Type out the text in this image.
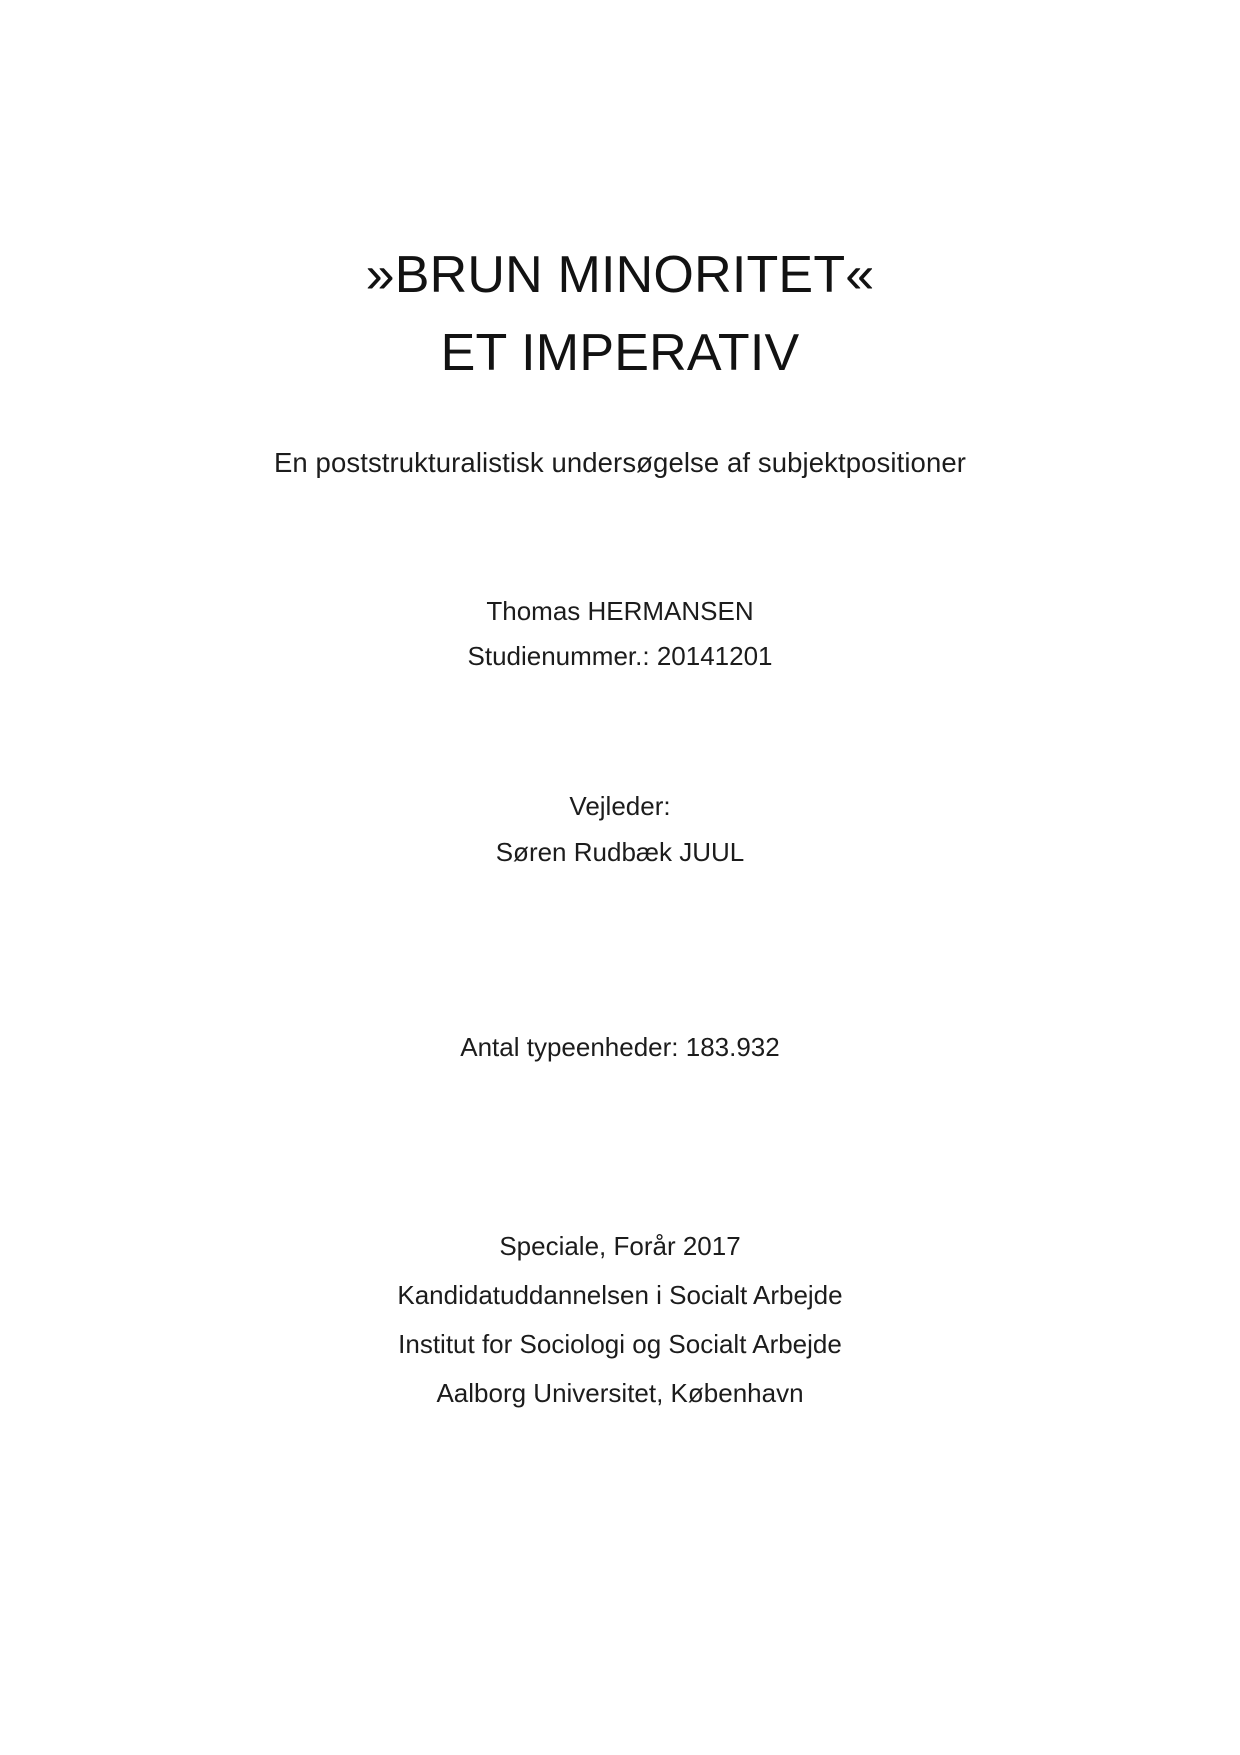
»BRUN MINORITET«
ET IMPERATIV
En poststrukturalistisk undersøgelse af subjektpositioner
Thomas HERMANSEN
Studienummer.: 20141201
Vejleder:
Søren Rudbæk JUUL
Antal typeenheder: 183.932
Speciale, Forår 2017
Kandidatuddannelsen i Socialt Arbejde
Institut for Sociologi og Socialt Arbejde
Aalborg Universitet, København
